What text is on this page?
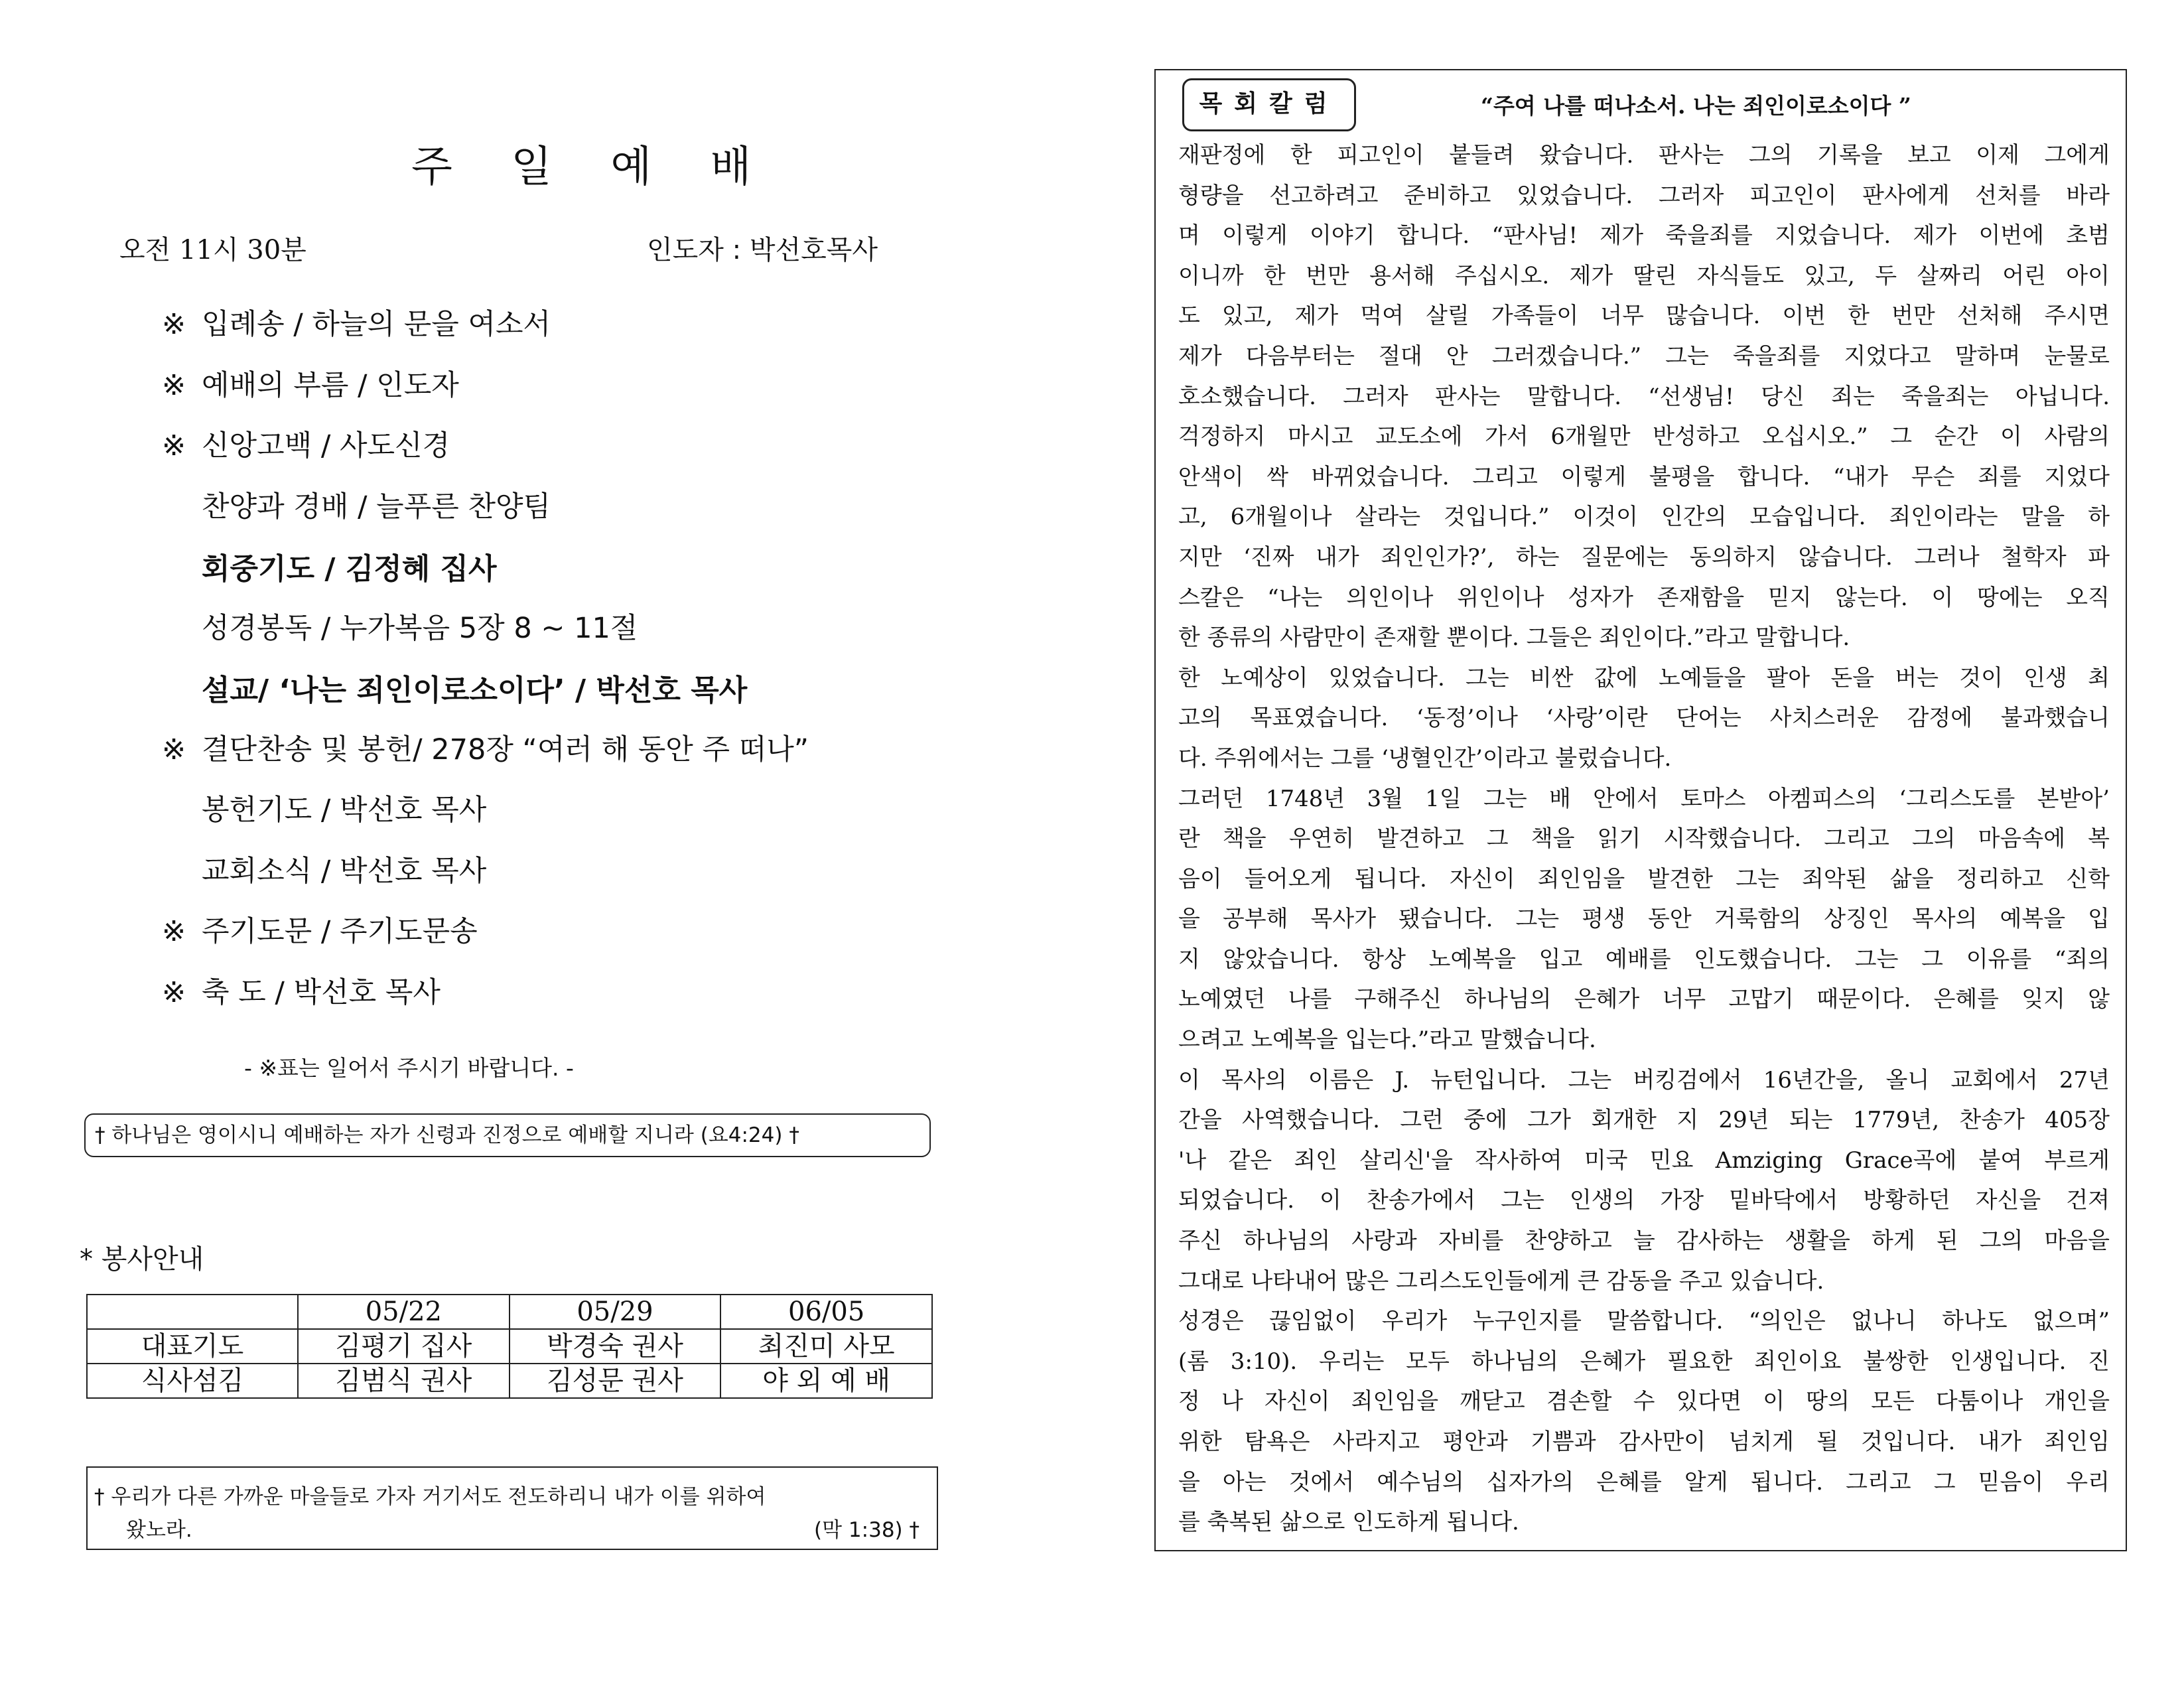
주 일 예 배
오전 11시 30분	인도자 : 박선호목사
※ 입례송 / 하늘의 문을 여소서
※ 예배의 부름 / 인도자
※ 신앙고백 / 사도신경
찬양과 경배 / 늘푸른 찬양팀
회중기도 / 김정혜 집사
성경봉독 / 누가복음 5장 8 ~ 11절
설교/ ‘나는 죄인이로소이다’ / 박선호 목사
※ 결단찬송 및 봉헌/ 278장 “여러 해 동안 주 떠나”
봉헌기도 / 박선호 목사
교회소식 / 박선호 목사
※ 주기도문 / 주기도문송
※ 축 도 / 박선호 목사
- ※표는 일어서 주시기 바랍니다. -
† 하나님은 영이시니 예배하는 자가 신령과 진정으로 예배할 지니라 (요4:24) †
* 봉사안내
	05/22	05/29	06/05
대표기도	김평기 집사	박경숙 권사	최진미 사모
식사섬김	김범식 권사	김성문 권사	야 외 예 배
† 우리가 다른 가까운 마을들로 가자 거기서도 전도하리니 내가 이를 위하여
왔노라.	(막 1:38) †
목회칼럼	“주여 나를 떠나소서. 나는 죄인이로소이다 ”
재판정에 한 피고인이 붙들려 왔습니다. 판사는 그의 기록을 보고 이제 그에게
형량을 선고하려고 준비하고 있었습니다. 그러자 피고인이 판사에게 선처를 바라
며 이렇게 이야기 합니다. “판사님! 제가 죽을죄를 지었습니다. 제가 이번에 초범
이니까 한 번만 용서해 주십시오. 제가 딸린 자식들도 있고, 두 살짜리 어린 아이
도 있고, 제가 먹여 살릴 가족들이 너무 많습니다. 이번 한 번만 선처해 주시면
제가 다음부터는 절대 안 그러겠습니다.” 그는 죽을죄를 지었다고 말하며 눈물로
호소했습니다. 그러자 판사는 말합니다. “선생님! 당신 죄는 죽을죄는 아닙니다.
걱정하지 마시고 교도소에 가서 6개월만 반성하고 오십시오.” 그 순간 이 사람의
안색이 싹 바뀌었습니다. 그리고 이렇게 불평을 합니다. “내가 무슨 죄를 지었다
고, 6개월이나 살라는 것입니다.” 이것이 인간의 모습입니다. 죄인이라는 말을 하
지만 ‘진짜 내가 죄인인가?’, 하는 질문에는 동의하지 않습니다. 그러나 철학자 파
스칼은 “나는 의인이나 위인이나 성자가 존재함을 믿지 않는다. 이 땅에는 오직
한 종류의 사람만이 존재할 뿐이다. 그들은 죄인이다.”라고 말합니다.
한 노예상이 있었습니다. 그는 비싼 값에 노예들을 팔아 돈을 버는 것이 인생 최
고의 목표였습니다. ‘동정’이나 ‘사랑’이란 단어는 사치스러운 감정에 불과했습니
다. 주위에서는 그를 ‘냉혈인간’이라고 불렀습니다.
그러던 1748년 3월 1일 그는 배 안에서 토마스 아켐피스의 ‘그리스도를 본받아’
란 책을 우연히 발견하고 그 책을 읽기 시작했습니다. 그리고 그의 마음속에 복
음이 들어오게 됩니다. 자신이 죄인임을 발견한 그는 죄악된 삶을 정리하고 신학
을 공부해 목사가 됐습니다. 그는 평생 동안 거룩함의 상징인 목사의 예복을 입
지 않았습니다. 항상 노예복을 입고 예배를 인도했습니다. 그는 그 이유를 “죄의
노예였던 나를 구해주신 하나님의 은혜가 너무 고맙기 때문이다. 은혜를 잊지 않
으려고 노예복을 입는다.”라고 말했습니다.
이 목사의 이름은 J. 뉴턴입니다. 그는 버킹검에서 16년간을, 올니 교회에서 27년
간을 사역했습니다. 그런 중에 그가 회개한 지 29년 되는 1779년, 찬송가 405장
'나 같은 죄인 살리신'을 작사하여 미국 민요 Amziging Grace곡에 붙여 부르게
되었습니다. 이 찬송가에서 그는 인생의 가장 밑바닥에서 방황하던 자신을 건져
주신 하나님의 사랑과 자비를 찬양하고 늘 감사하는 생활을 하게 된 그의 마음을
그대로 나타내어 많은 그리스도인들에게 큰 감동을 주고 있습니다.
성경은 끊임없이 우리가 누구인지를 말씀합니다. “의인은 없나니 하나도 없으며”
(롬 3:10). 우리는 모두 하나님의 은혜가 필요한 죄인이요 불쌍한 인생입니다. 진
정 나 자신이 죄인임을 깨닫고 겸손할 수 있다면 이 땅의 모든 다툼이나 개인을
위한 탐욕은 사라지고 평안과 기쁨과 감사만이 넘치게 될 것입니다. 내가 죄인임
을 아는 것에서 예수님의 십자가의 은혜를 알게 됩니다. 그리고 그 믿음이 우리
를 축복된 삶으로 인도하게 됩니다.
